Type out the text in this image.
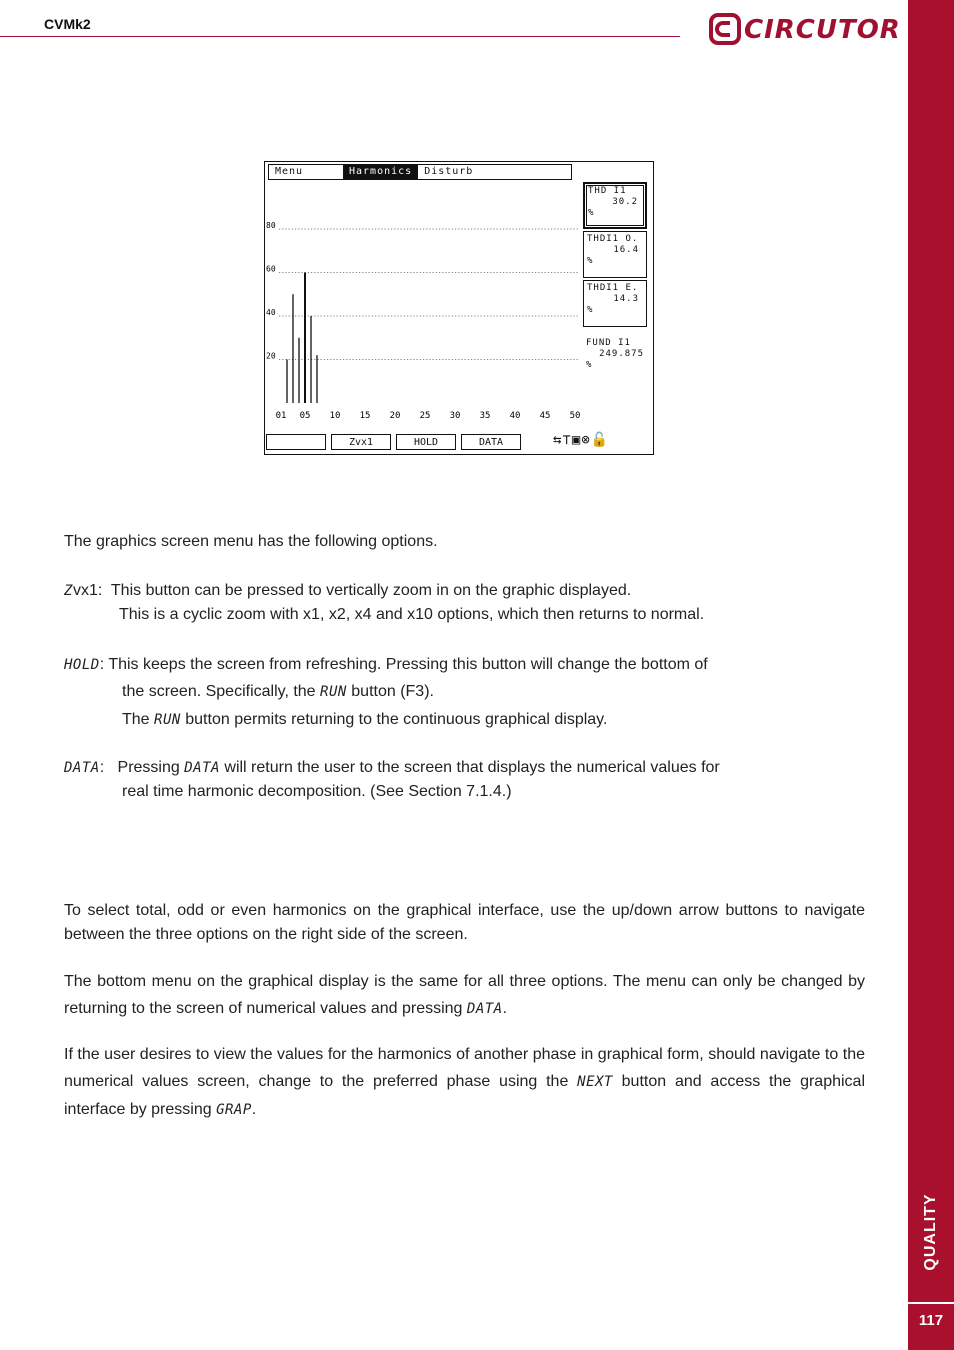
CVMk2	CIRCUTOR
QUALITY
117
Menu	Harmonics	Disturb
20
40
60
80
01 05 10 15 20 25 30 35 40 45 50
THD I1
30.2
%
THDI1 O.
16.4
%
THDI1 E.
14.3
%
FUND I1
249.875
%
Zvx1	HOLD	DATA	⇆⊤▣⊗🔓
The graphics screen menu has the following options.
Zvx1: This button can be pressed to vertically zoom in on the graphic displayed.
This is a cyclic zoom with x1, x2, x4 and x10 options, which then returns to normal.
HOLD: This keeps the screen from refreshing. Pressing this button will change the bottom of
the screen. Specifically, the RUN button (F3).
The RUN button permits returning to the continuous graphical display.
DATA: Pressing DATA will return the user to the screen that displays the numerical values for
real time harmonic decomposition. (See Section 7.1.4.)
To select total, odd or even harmonics on the graphical interface, use the up/down arrow buttons to navigate between the three options on the right side of the screen.
The bottom menu on the graphical display is the same for all three options. The menu can only be changed by returning to the screen of numerical values and pressing DATA.
If the user desires to view the values for the harmonics of another phase in graphical form, should navigate to the numerical values screen, change to the preferred phase using the NEXT button and access the graphical interface by pressing GRAP.
